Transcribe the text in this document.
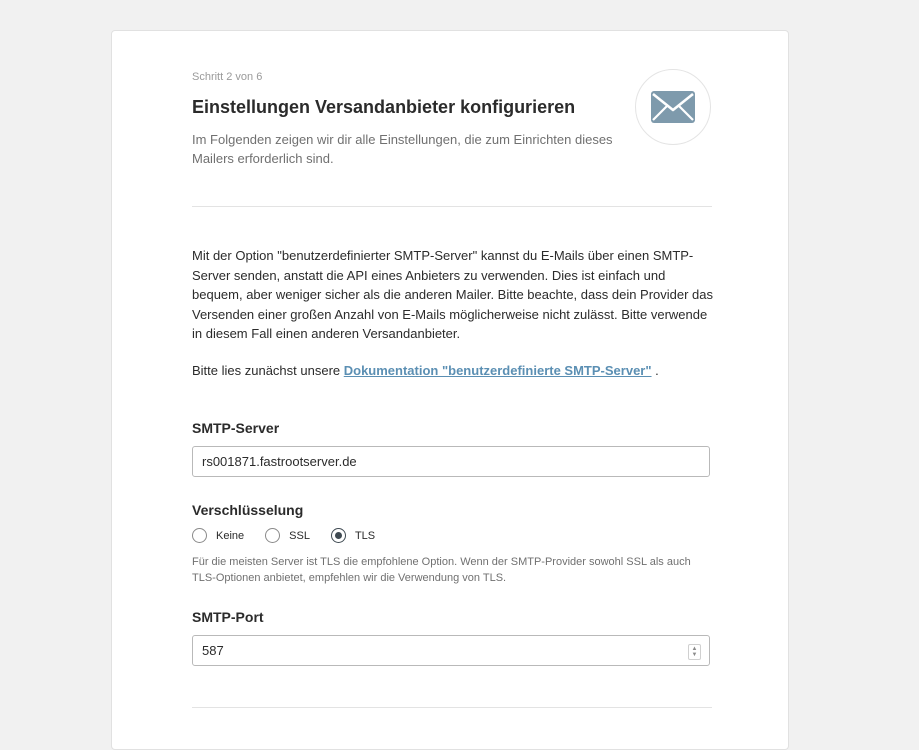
Schritt 2 von 6
Einstellungen Versandanbieter konfigurieren

Im Folgenden zeigen wir dir alle Einstellungen, die zum Einrichten dieses Mailers erforderlich sind.

Mit der Option "benutzerdefinierter SMTP-Server" kannst du E-Mails über einen SMTP-Server senden, anstatt die API eines Anbieters zu verwenden. Dies ist einfach und bequem, aber weniger sicher als die anderen Mailer. Bitte beachte, dass dein Provider das Versenden einer großen Anzahl von E-Mails möglicherweise nicht zulässt. Bitte verwende in diesem Fall einen anderen Versandanbieter.

Bitte lies zunächst unsere Dokumentation "benutzerdefinierte SMTP-Server" .

SMTP-Server
rs001871.fastrootserver.de
Verschlüsselung
Keine	SSL	TLS

Für die meisten Server ist TLS die empfohlene Option. Wenn der SMTP-Provider sowohl SSL als auch TLS-Optionen anbietet, empfehlen wir die Verwendung von TLS.

SMTP-Port
587	▲
▼
